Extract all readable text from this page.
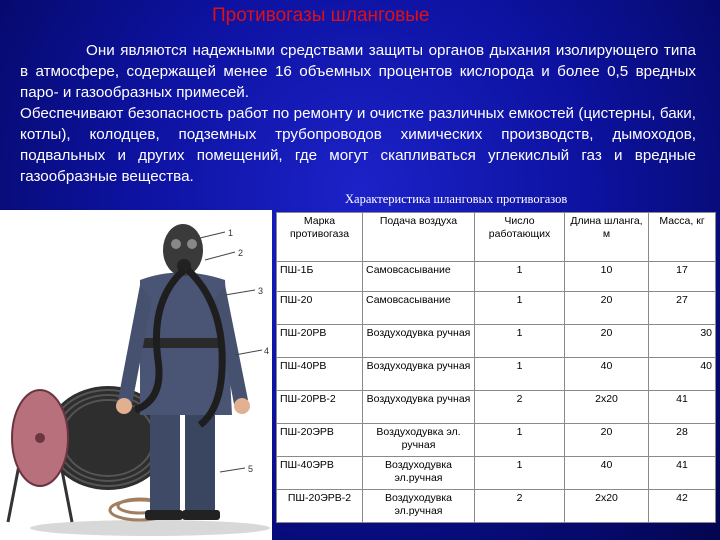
Противогазы шланговые

Они являются надежными средствами защиты органов дыхания изолирующего типа в атмосфере, содержащей менее 16 объемных процентов кислорода и более 0,5 вредных паро- и газообразных примесей.

Обеспечивают безопасность работ по ремонту и очистке различных емкостей (цистерны, баки, котлы), колодцев, подземных трубопроводов химических производств, дымоходов, подвальных и других помещений, где могут скапливаться углекислый газ и вредные газообразные вещества.

Характеристика шланговых противогазов
1
2
3
4
5
Марка противогаза	Подача воздуха	Число работающих	Длина шланга, м	Масса, кг
ПШ-1Б	Самовсасывание	1	10	17
ПШ-20	Самовсасывание	1	20	27
ПШ-20РВ	Воздуходувка ручная	1	20	30
ПШ-40РВ	Воздуходувка ручная	1	40	40
ПШ-20РВ-2	Воздуходувка ручная	2	2х20	41
ПШ-20ЭРВ	Воздуходувка эл. ручная	1	20	28
ПШ-40ЭРВ	Воздуходувка эл.ручная	1	40	41
ПШ-20ЭРВ-2	Воздуходувка эл.ручная	2	2х20	42
45
